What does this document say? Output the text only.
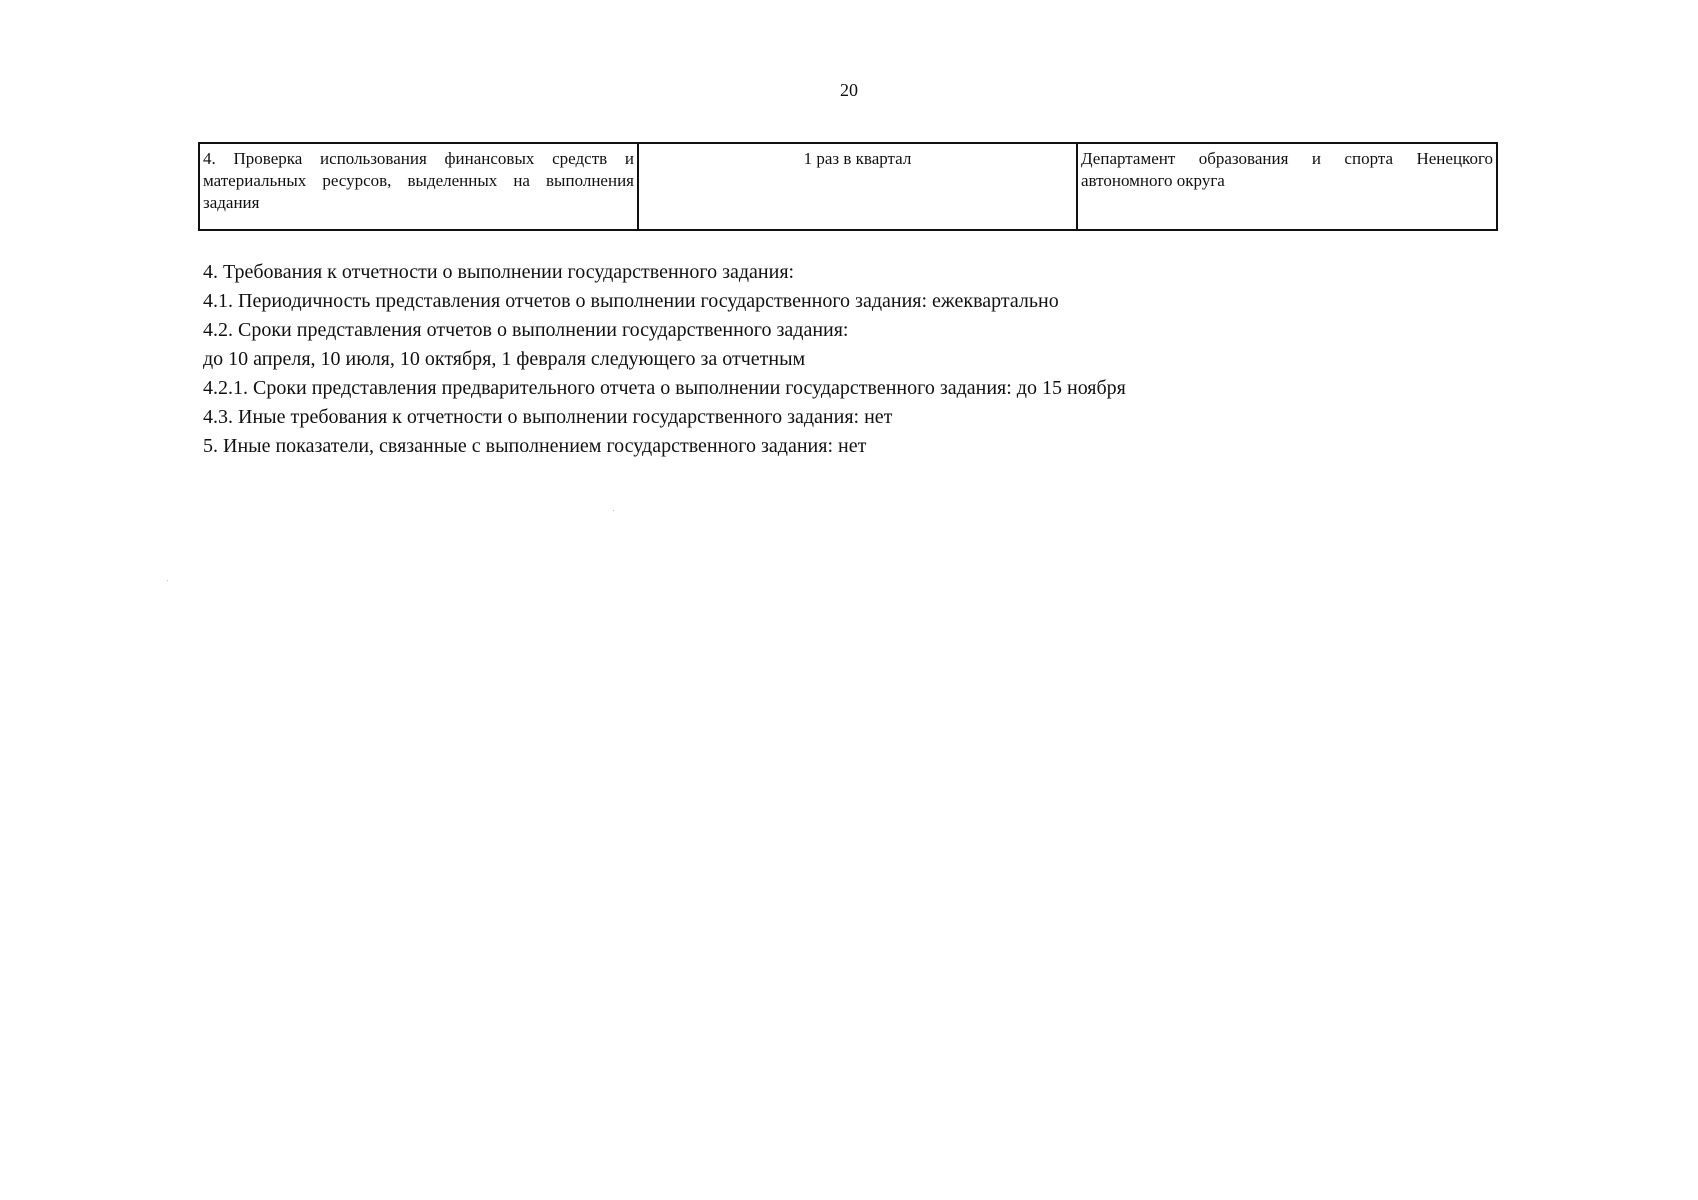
20
4. Проверка использования финансовых средств и материальных ресурсов, выделенных на выполнения задания	1 раз в квартал	Департамент образования и спорта Ненецкого автономного округа

4. Требования к отчетности о выполнении государственного задания:

4.1. Периодичность представления отчетов о выполнении государственного задания: ежеквартально

4.2. Сроки представления отчетов о выполнении государственного задания:

до 10 апреля, 10 июля, 10 октября, 1 февраля следующего за отчетным

4.2.1. Сроки представления предварительного отчета о выполнении государственного задания: до 15 ноября

4.3. Иные требования к отчетности о выполнении государственного задания: нет

5. Иные показатели, связанные с выполнением государственного задания: нет
